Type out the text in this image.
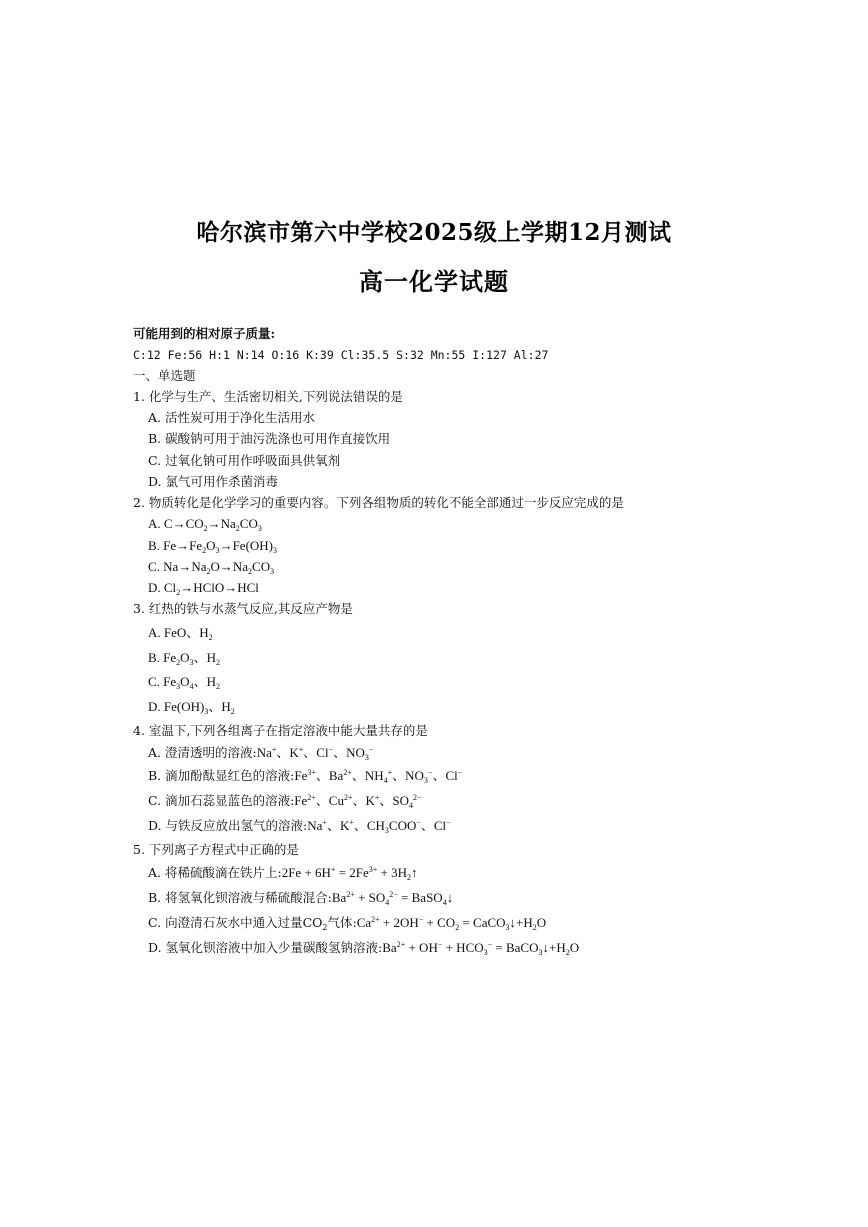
哈尔滨市第六中学校2025级上学期12月测试
高一化学试题
可能用到的相对原子质量:
C:12 Fe:56 H:1 N:14 O:16 K:39 Cl:35.5 S:32 Mn:55 I:127 Al:27
一、单选题
1. 化学与生产、生活密切相关,下列说法错误的是
A. 活性炭可用于净化生活用水
B. 碳酸钠可用于油污洗涤也可用作直接饮用
C. 过氧化钠可用作呼吸面具供氧剂
D. 氯气可用作杀菌消毒
2. 物质转化是化学学习的重要内容。下列各组物质的转化不能全部通过一步反应完成的是
A. $C\to CO_2\to Na_2CO_3$
B. $Fe\to Fe_2O_3\to Fe(OH)_3$
C. $Na\to Na_2O\to Na_2CO_3$
D. $Cl_2\to HClO\to HCl$
3. 红热的铁与水蒸气反应,其反应产物是
A. FeO、$H_2$
B. $Fe_2O_3$、$H_2$
C. $Fe_3O_4$、$H_2$
D. $Fe(OH)_3$、$H_2$
4. 室温下,下列各组离子在指定溶液中能大量共存的是
A. 澄清透明的溶液:Na+、K+、Cl−、$NO_3^-$
B. 滴加酚酞显红色的溶液$:Fe^{3+}$、$Ba^{2+}$、$NH_4^+$、$NO_3^-$、Cl−
C. 滴加石蕊显蓝色的溶液$:Fe^{2+}$、$Cu^{2+}$、K+、$SO_4^{2-}$
D. 与铁反应放出氢气的溶液:Na+、K+、$CH_3COO^-$、Cl−
5. 下列离子方程式中正确的是
A. 将稀硫酸滴在铁片上:2Fe + $6H^+ = 2Fe^{3+}$ + $3H_2↑$
B. 将氢氧化钡溶液与稀硫酸混合$:Ba^{2+} + SO_4^{2-}$ = BaSO$_4$↓
C. 向澄清石灰水中通入过量$CO_2$气体$:Ca^{2+} + 2OH^- + CO_2$ = $CaCO_3↓+H_2O$
D. 氢氧化钡溶液中加入少量碳酸氢钠溶液$:Ba^{2+} + OH^- + HCO_3^-$ = $BaCO_3↓+H_2O$
